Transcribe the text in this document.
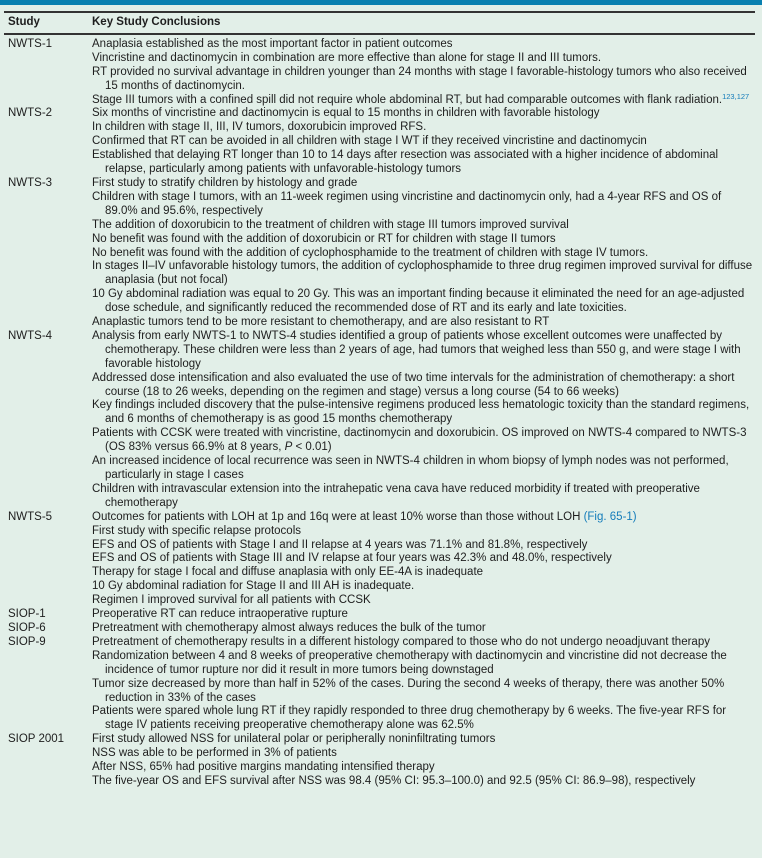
Study	Key Study Conclusions
NWTS-1	Anaplasia established as the most important factor in patient outcomes

Vincristine and dactinomycin in combination are more effective than alone for stage II and III tumors.

RT provided no survival advantage in children younger than 24 months with stage I favorable-histology tumors who also received 15 months of dactinomycin.

Stage III tumors with a confined spill did not require whole abdominal RT, but had comparable outcomes with flank radiation.$^{123,127}$

NWTS-2	Six months of vincristine and dactinomycin is equal to 15 months in children with favorable histology

In children with stage II, III, IV tumors, doxorubicin improved RFS.

Confirmed that RT can be avoided in all children with stage I WT if they received vincristine and dactinomycin

Established that delaying RT longer than 10 to 14 days after resection was associated with a higher incidence of abdominal relapse, particularly among patients with unfavorable-histology tumors

NWTS-3	First study to stratify children by histology and grade

Children with stage I tumors, with an 11-week regimen using vincristine and dactinomycin only, had a 4-year RFS and OS of 89.0% and 95.6%, respectively

The addition of doxorubicin to the treatment of children with stage III tumors improved survival

No benefit was found with the addition of doxorubicin or RT for children with stage II tumors

No benefit was found with the addition of cyclophosphamide to the treatment of children with stage IV tumors.

In stages II–IV unfavorable histology tumors, the addition of cyclophosphamide to three drug regimen improved survival for diffuse anaplasia (but not focal)

10 Gy abdominal radiation was equal to 20 Gy. This was an important finding because it eliminated the need for an age-adjusted dose schedule, and significantly reduced the recommended dose of RT and its early and late toxicities.

Anaplastic tumors tend to be more resistant to chemotherapy, and are also resistant to RT

NWTS-4	Analysis from early NWTS-1 to NWTS-4 studies identified a group of patients whose excellent outcomes were unaffected by chemotherapy. These children were less than 2 years of age, had tumors that weighed less than 550 g, and were stage I with favorable histology

Addressed dose intensification and also evaluated the use of two time intervals for the administration of chemotherapy: a short course (18 to 26 weeks, depending on the regimen and stage) versus a long course (54 to 66 weeks)

Key findings included discovery that the pulse-intensive regimens produced less hematologic toxicity than the standard regimens, and 6 months of chemotherapy is as good 15 months chemotherapy

Patients with CCSK were treated with vincristine, dactinomycin and doxorubicin. OS improved on NWTS-4 compared to NWTS-3 (OS 83% versus 66.9% at 8 years, P < 0.01)

An increased incidence of local recurrence was seen in NWTS-4 children in whom biopsy of lymph nodes was not performed, particularly in stage I cases

Children with intravascular extension into the intrahepatic vena cava have reduced morbidity if treated with preoperative chemotherapy

NWTS-5	Outcomes for patients with LOH at 1p and 16q were at least 10% worse than those without LOH (Fig. 65-1)

First study with specific relapse protocols

EFS and OS of patients with Stage I and II relapse at 4 years was 71.1% and 81.8%, respectively

EFS and OS of patients with Stage III and IV relapse at four years was 42.3% and 48.0%, respectively

Therapy for stage I focal and diffuse anaplasia with only EE-4A is inadequate

10 Gy abdominal radiation for Stage II and III AH is inadequate.

Regimen I improved survival for all patients with CCSK

SIOP-1	Preoperative RT can reduce intraoperative rupture

SIOP-6	Pretreatment with chemotherapy almost always reduces the bulk of the tumor

SIOP-9	Pretreatment of chemotherapy results in a different histology compared to those who do not undergo neoadjuvant therapy

Randomization between 4 and 8 weeks of preoperative chemotherapy with dactinomycin and vincristine did not decrease the incidence of tumor rupture nor did it result in more tumors being downstaged

Tumor size decreased by more than half in 52% of the cases. During the second 4 weeks of therapy, there was another 50% reduction in 33% of the cases

Patients were spared whole lung RT if they rapidly responded to three drug chemotherapy by 6 weeks. The five-year RFS for stage IV patients receiving preoperative chemotherapy alone was 62.5%

SIOP 2001	First study allowed NSS for unilateral polar or peripherally noninfiltrating tumors

NSS was able to be performed in 3% of patients

After NSS, 65% had positive margins mandating intensified therapy

The five-year OS and EFS survival after NSS was 98.4 (95% CI: 95.3–100.0) and 92.5 (95% CI: 86.9–98), respectively
